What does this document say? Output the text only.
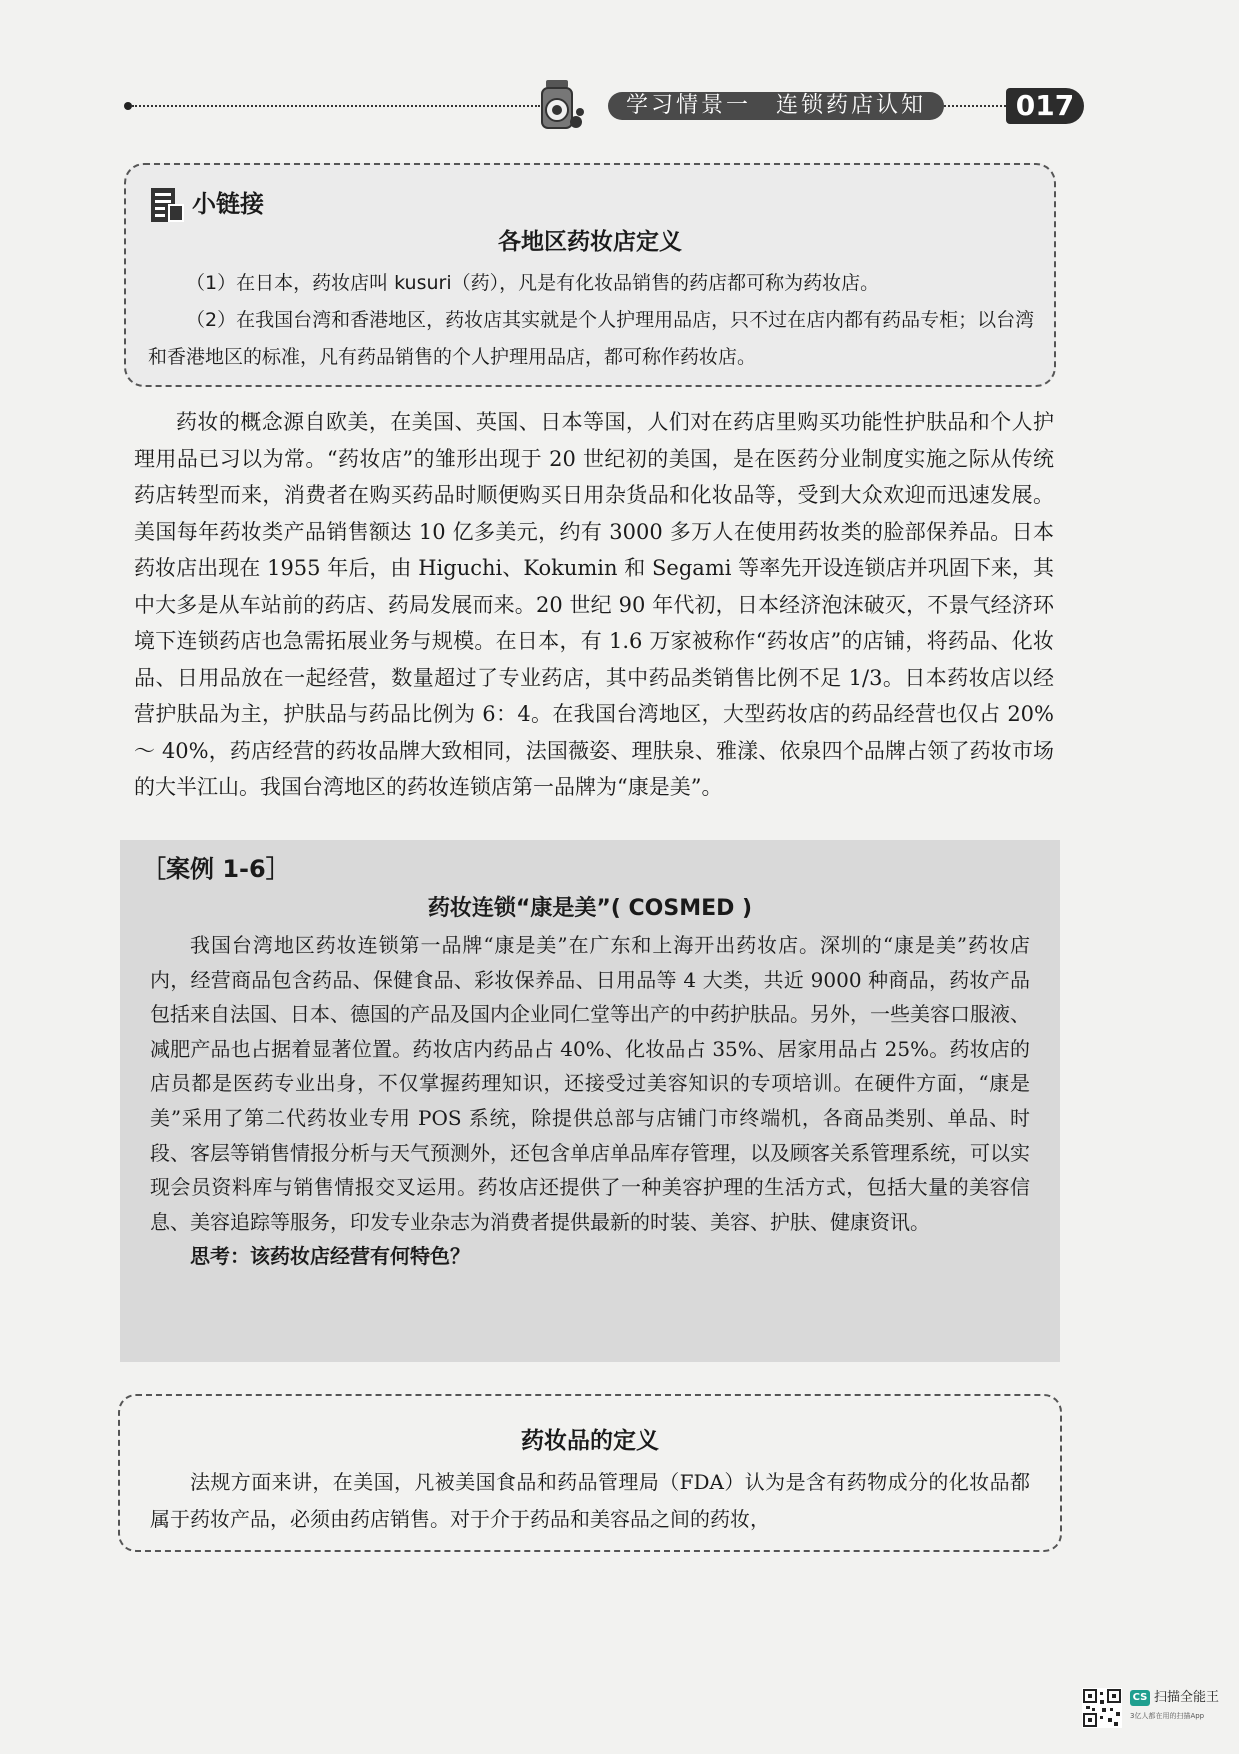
学习情景一　连锁药店认知	017
小链接
各地区药妆店定义

（1）在日本，药妆店叫 kusuri（药），凡是有化妆品销售的药店都可称为药妆店。

（2）在我国台湾和香港地区，药妆店其实就是个人护理用品店，只不过在店内都有药品专柜；以台湾和香港地区的标准，凡有药品销售的个人护理用品店，都可称作药妆店。

药妆的概念源自欧美，在美国、英国、日本等国，人们对在药店里购买功能性护肤品和个人护理用品已习以为常。“药妆店”的雏形出现于 20 世纪初的美国，是在医药分业制度实施之际从传统药店转型而来，消费者在购买药品时顺便购买日用杂货品和化妆品等，受到大众欢迎而迅速发展。美国每年药妆类产品销售额达 10 亿多美元，约有 3000 多万人在使用药妆类的脸部保养品。日本药妆店出现在 1955 年后，由 Higuchi、Kokumin 和 Segami 等率先开设连锁店并巩固下来，其中大多是从车站前的药店、药局发展而来。20 世纪 90 年代初，日本经济泡沫破灭，不景气经济环境下连锁药店也急需拓展业务与规模。在日本，有 1.6 万家被称作“药妆店”的店铺，将药品、化妆品、日用品放在一起经营，数量超过了专业药店，其中药品类销售比例不足 1/3。日本药妆店以经营护肤品为主，护肤品与药品比例为 6：4。在我国台湾地区，大型药妆店的药品经营也仅占 20% ～ 40%，药店经营的药妆品牌大致相同，法国薇姿、理肤泉、雅漾、依泉四个品牌占领了药妆市场的大半江山。我国台湾地区的药妆连锁店第一品牌为“康是美”。

［案例 1-6］
药妆连锁“康是美”( COSMED )

我国台湾地区药妆连锁第一品牌“康是美”在广东和上海开出药妆店。深圳的“康是美”药妆店内，经营商品包含药品、保健食品、彩妆保养品、日用品等 4 大类，共近 9000 种商品，药妆产品包括来自法国、日本、德国的产品及国内企业同仁堂等出产的中药护肤品。另外，一些美容口服液、减肥产品也占据着显著位置。药妆店内药品占 40%、化妆品占 35%、居家用品占 25%。药妆店的店员都是医药专业出身，不仅掌握药理知识，还接受过美容知识的专项培训。在硬件方面，“康是美”采用了第二代药妆业专用 POS 系统，除提供总部与店铺门市终端机，各商品类别、单品、时段、客层等销售情报分析与天气预测外，还包含单店单品库存管理，以及顾客关系管理系统，可以实现会员资料库与销售情报交叉运用。药妆店还提供了一种美容护理的生活方式，包括大量的美容信息、美容追踪等服务，印发专业杂志为消费者提供最新的时装、美容、护肤、健康资讯。

思考：该药妆店经营有何特色？

药妆品的定义

法规方面来讲，在美国，凡被美国食品和药品管理局（FDA）认为是含有药物成分的化妆品都属于药妆产品，必须由药店销售。对于介于药品和美容品之间的药妆，

CS 扫描全能王
3亿人都在用的扫描App
